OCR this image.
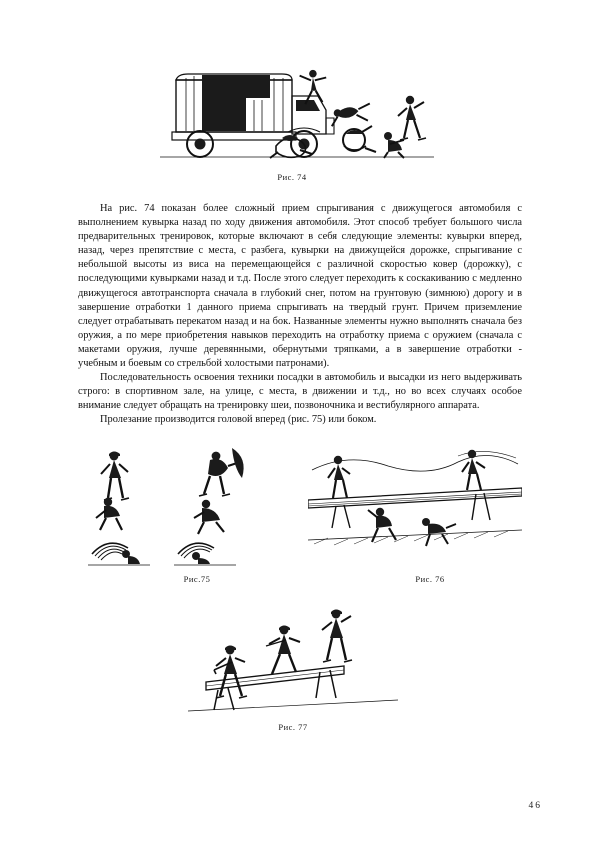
Рис. 74

На рис. 74 показан более сложный прием спрыгивания с движущегося автомобиля с выполнением кувырка назад по ходу движения автомобиля. Этот способ требует большого числа предварительных тренировок, которые включают в себя следующие элементы: кувырки вперед, назад, через препятствие с места, с разбега, кувырки на движущейся дорожке, спрыгивание с небольшой высоты из виса на перемещающейся с различной скоростью ковер (дорожку), с последующими кувырками назад и т.д. После этого следует переходить к соскакиванию с медленно движущегося автотранспорта сначала в глубокий снег, потом на грунтовую (зимнюю) дорогу и в завершение отработки 1 данного приема спрыгивать на твердый грунт. Причем приземление следует отрабатывать перекатом назад и на бок. Названные элементы нужно выполнять сначала без оружия, а по мере приобретения навыков переходить на отработку приема с оружием (сначала с макетами оружия, лучше деревянными, обернутыми тряпками, а в завершение отработки - учебным и боевым со стрельбой холостыми патронами).

Последовательность освоения техники посадки в автомобиль и высадки из него выдерживать строго: в спортивном зале, на улице, с места, в движении и т.д., но во всех случаях особое внимание следует обращать на тренировку шеи, позвоночника и вестибулярного аппарата.

Пролезание производится головой вперед (рис. 75) или боком.

Рис.75	Рис. 76
Рис. 77
46
